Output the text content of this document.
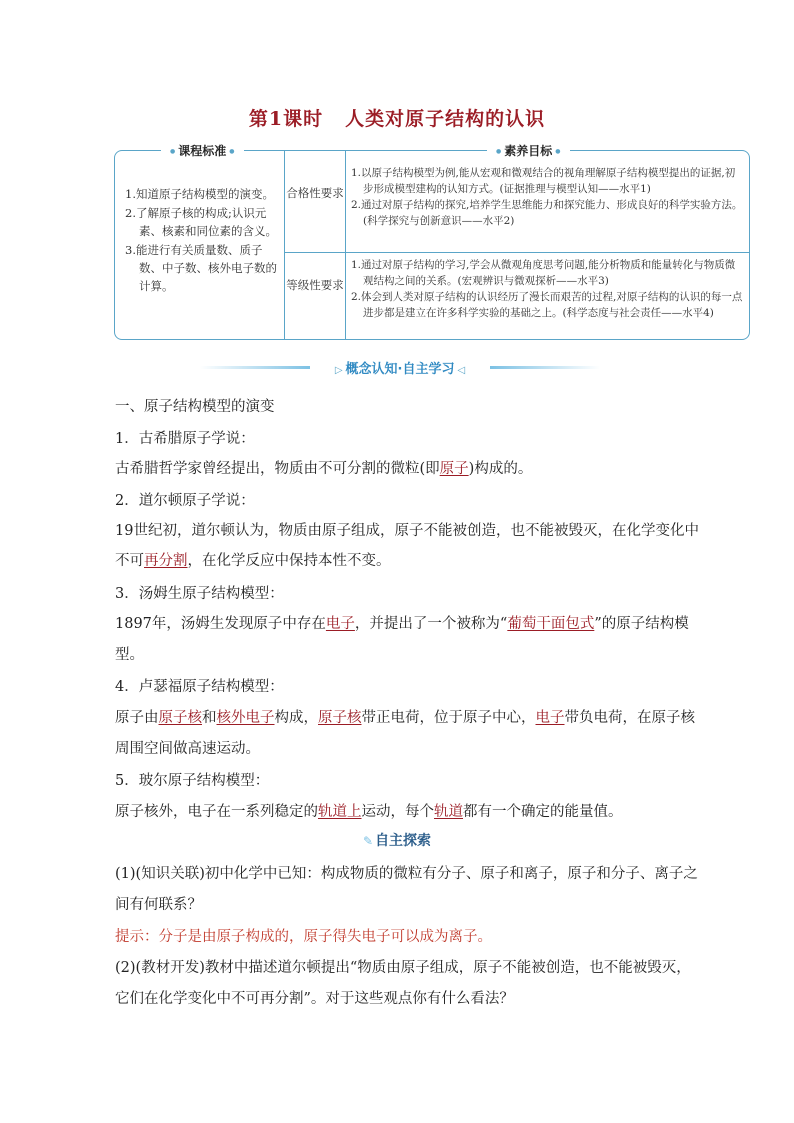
第1课时 人类对原子结构的认识
● 课程标准 ●
●	素养目标 ●

1.知道原子结构模型的演变。

2.了解原子核的构成;认识元素、核素和同位素的含义。

3.能进行有关质量数、质子数、中子数、核外电子数的计算。

合格性要求

1.以原子结构模型为例,能从宏观和微观结合的视角理解原子结构模型提出的证据,初步形成模型建构的认知方式。(证据推理与模型认知——水平1)

2.通过对原子结构的探究,培养学生思维能力和探究能力、形成良好的科学实验方法。(科学探究与创新意识——水平2)

等级性要求

1.通过对原子结构的学习,学会从微观角度思考问题,能分析物质和能量转化与物质微观结构之间的关系。(宏观辨识与微观探析——水平3)

2.体会到人类对原子结构的认识经历了漫长而艰苦的过程,对原子结构的认识的每一点进步都是建立在许多科学实验的基础之上。(科学态度与社会责任——水平4)

▷ 概念认知·自主学习 ◁
一、原子结构模型的演变
1．古希腊原子学说：
古希腊哲学家曾经提出，物质由不可分割的微粒(即原子)构成的。
2．道尔顿原子学说：
19世纪初，道尔顿认为，物质由原子组成，原子不能被创造，也不能被毁灭，在化学变化中
不可再分割，在化学反应中保持本性不变。
3．汤姆生原子结构模型：
1897年，汤姆生发现原子中存在电子，并提出了一个被称为“葡萄干面包式”的原子结构模
型。
4．卢瑟福原子结构模型：
原子由原子核和核外电子构成，原子核带正电荷，位于原子中心，电子带负电荷，在原子核
周围空间做高速运动。
5．玻尔原子结构模型：
原子核外，电子在一系列稳定的轨道上运动，每个轨道都有一个确定的能量值。
✎ 自主探索
(1)(知识关联)初中化学中已知：构成物质的微粒有分子、原子和离子，原子和分子、离子之
间有何联系？
提示：分子是由原子构成的，原子得失电子可以成为离子。
(2)(教材开发)教材中描述道尔顿提出“物质由原子组成，原子不能被创造，也不能被毁灭，
它们在化学变化中不可再分割”。对于这些观点你有什么看法？
